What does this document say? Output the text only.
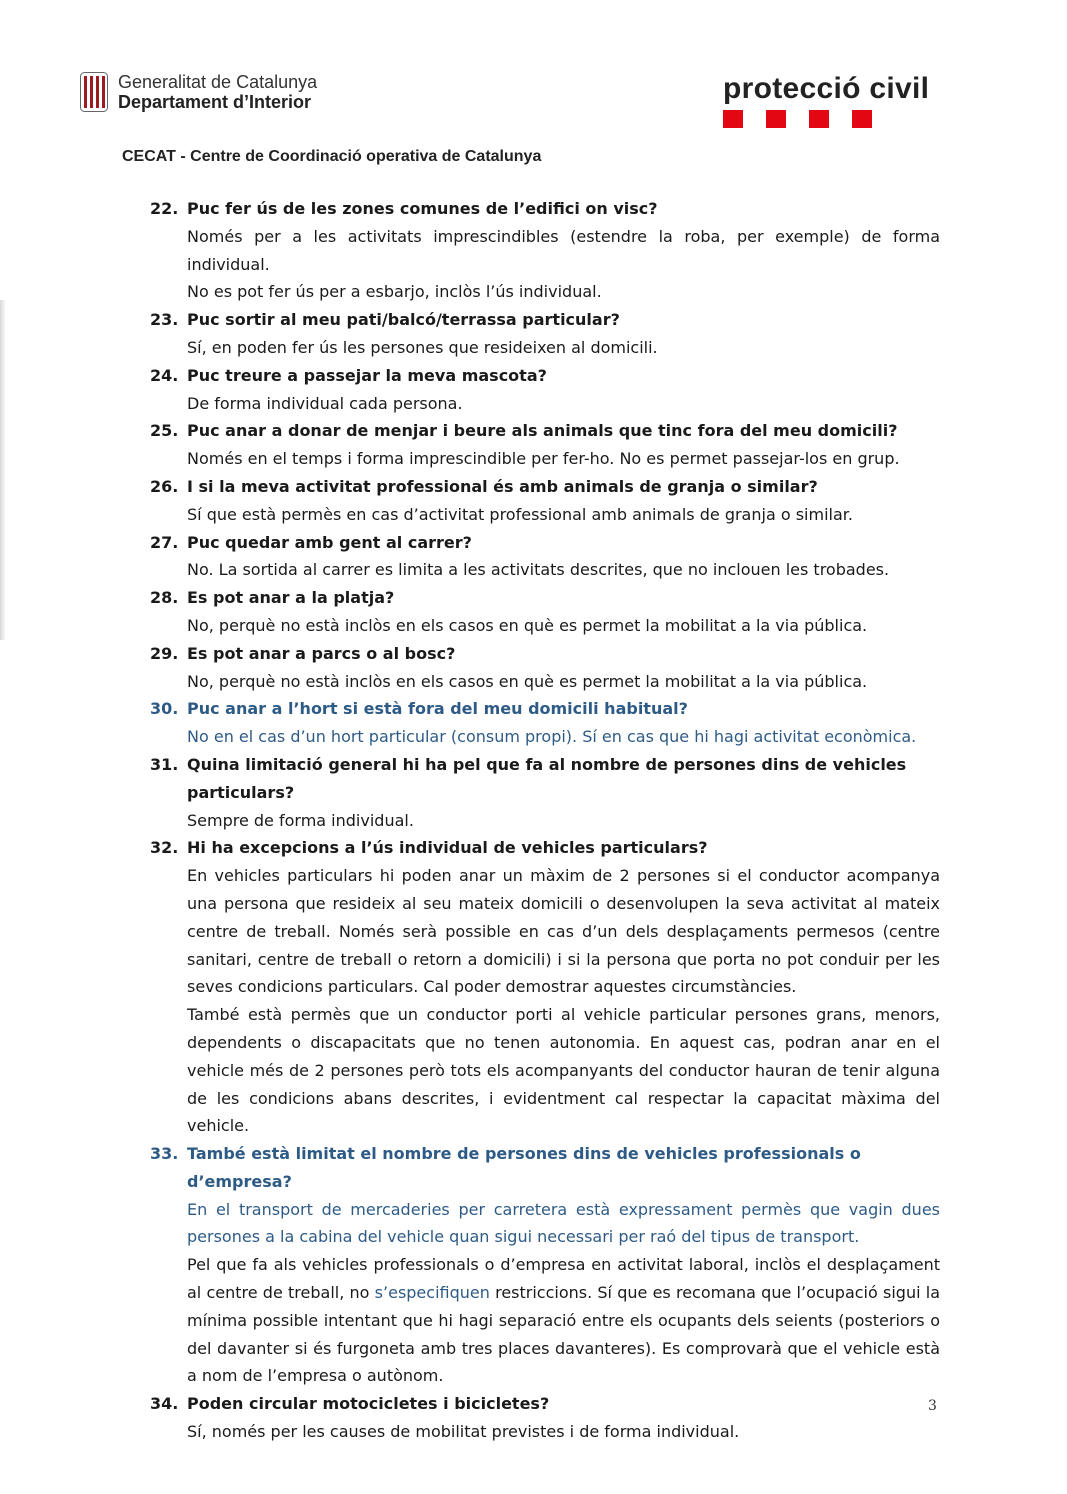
Generalitat de Catalunya
Departament d’Interior	protecció civil
CECAT - Centre de Coordinació operativa de Catalunya
22. Puc fer ús de les zones comunes de l’edifici on visc?
Només per a les activitats imprescindibles (estendre la roba, per exemple) de forma individual.
No es pot fer ús per a esbarjo, inclòs l’ús individual.
23. Puc sortir al meu pati/balcó/terrassa particular?
Sí, en poden fer ús les persones que resideixen al domicili.
24. Puc treure a passejar la meva mascota?
De forma individual cada persona.
25. Puc anar a donar de menjar i beure als animals que tinc fora del meu domicili?
Només en el temps i forma imprescindible per fer-ho. No es permet passejar-los en grup.
26. I si la meva activitat professional és amb animals de granja o similar?
Sí que està permès en cas d’activitat professional amb animals de granja o similar.
27. Puc quedar amb gent al carrer?
No. La sortida al carrer es limita a les activitats descrites, que no inclouen les trobades.
28. Es pot anar a la platja?
No, perquè no està inclòs en els casos en què es permet la mobilitat a la via pública.
29. Es pot anar a parcs o al bosc?
No, perquè no està inclòs en els casos en què es permet la mobilitat a la via pública.
30. Puc anar a l’hort si està fora del meu domicili habitual?
No en el cas d’un hort particular (consum propi). Sí en cas que hi hagi activitat econòmica.
31. Quina limitació general hi ha pel que fa al nombre de persones dins de vehicles particulars?
Sempre de forma individual.
32. Hi ha excepcions a l’ús individual de vehicles particulars?
En vehicles particulars hi poden anar un màxim de 2 persones si el conductor acompanya una persona que resideix al seu mateix domicili o desenvolupen la seva activitat al mateix centre de treball. Només serà possible en cas d’un dels desplaçaments permesos (centre sanitari, centre de treball o retorn a domicili) i si la persona que porta no pot conduir per les seves condicions particulars. Cal poder demostrar aquestes circumstàncies.
També està permès que un conductor porti al vehicle particular persones grans, menors, dependents o discapacitats que no tenen autonomia. En aquest cas, podran anar en el vehicle més de 2 persones però tots els acompanyants del conductor hauran de tenir alguna de les condicions abans descrites, i evidentment cal respectar la capacitat màxima del vehicle.
33. També està limitat el nombre de persones dins de vehicles professionals o d’empresa?
En el transport de mercaderies per carretera està expressament permès que vagin dues persones a la cabina del vehicle quan sigui necessari per raó del tipus de transport.
Pel que fa als vehicles professionals o d’empresa en activitat laboral, inclòs el desplaçament al centre de treball, no s’especifiquen restriccions. Sí que es recomana que l’ocupació sigui la mínima possible intentant que hi hagi separació entre els ocupants dels seients (posteriors o del davanter si és furgoneta amb tres places davanteres). Es comprovarà que el vehicle està a nom de l’empresa o autònom.
34. Poden circular motocicletes i bicicletes?
Sí, només per les causes de mobilitat previstes i de forma individual.
3
